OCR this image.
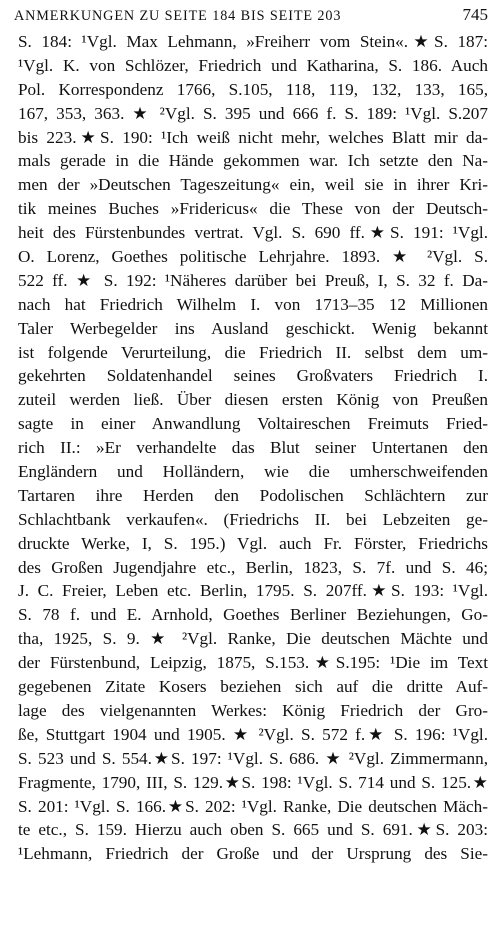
ANMERKUNGEN ZU SEITE 184 BIS SEITE 203	745
S. 184: ¹Vgl. Max Lehmann, »Freiherr vom Stein«.★S. 187:
¹Vgl. K. von Schlözer, Friedrich und Katharina, S. 186. Auch
Pol. Korrespondenz 1766, S.105, 118, 119, 132, 133, 165,
167, 353, 363. ★ ²Vgl. S. 395 und 666 f. S. 189: ¹Vgl. S.207
bis 223.★S. 190: ¹Ich weiß nicht mehr, welches Blatt mir da-
mals gerade in die Hände gekommen war. Ich setzte den Na-
men der »Deutschen Tageszeitung« ein, weil sie in ihrer Kri-
tik meines Buches »Fridericus« die These von der Deutsch-
heit des Fürstenbundes vertrat. Vgl. S. 690 ff.★S. 191: ¹Vgl.
O. Lorenz, Goethes politische Lehrjahre. 1893. ★ ²Vgl. S.
522 ff. ★ S. 192: ¹Näheres darüber bei Preuß, I, S. 32 f. Da-
nach hat Friedrich Wilhelm I. von 1713–35 12 Millionen
Taler Werbegelder ins Ausland geschickt. Wenig bekannt
ist folgende Verurteilung, die Friedrich II. selbst dem um-
gekehrten Soldatenhandel seines Großvaters Friedrich I.
zuteil werden ließ. Über diesen ersten König von Preußen
sagte in einer Anwandlung Voltaireschen Freimuts Fried-
rich II.: »Er verhandelte das Blut seiner Untertanen den
Engländern und Holländern, wie die umherschweifenden
Tartaren ihre Herden den Podolischen Schlächtern zur
Schlachtbank verkaufen«. (Friedrichs II. bei Lebzeiten ge-
druckte Werke, I, S. 195.) Vgl. auch Fr. Förster, Friedrichs
des Großen Jugendjahre etc., Berlin, 1823, S. 7f. und S. 46;
J. C. Freier, Leben etc. Berlin, 1795. S. 207ff.★S. 193: ¹Vgl.
S. 78 f. und E. Arnhold, Goethes Berliner Beziehungen, Go-
tha, 1925, S. 9. ★ ²Vgl. Ranke, Die deutschen Mächte und
der Fürstenbund, Leipzig, 1875, S.153.★S.195: ¹Die im Text
gegebenen Zitate Kosers beziehen sich auf die dritte Auf-
lage des vielgenannten Werkes: König Friedrich der Gro-
ße, Stuttgart 1904 und 1905. ★ ²Vgl. S. 572 f.★ S. 196: ¹Vgl.
S. 523 und S. 554.★S. 197: ¹Vgl. S. 686. ★ ²Vgl. Zimmermann,
Fragmente, 1790, III, S. 129.★S. 198: ¹Vgl. S. 714 und S. 125.★
S. 201: ¹Vgl. S. 166.★S. 202: ¹Vgl. Ranke, Die deutschen Mäch-
te etc., S. 159. Hierzu auch oben S. 665 und S. 691.★S. 203:
¹Lehmann, Friedrich der Große und der Ursprung des Sie-
